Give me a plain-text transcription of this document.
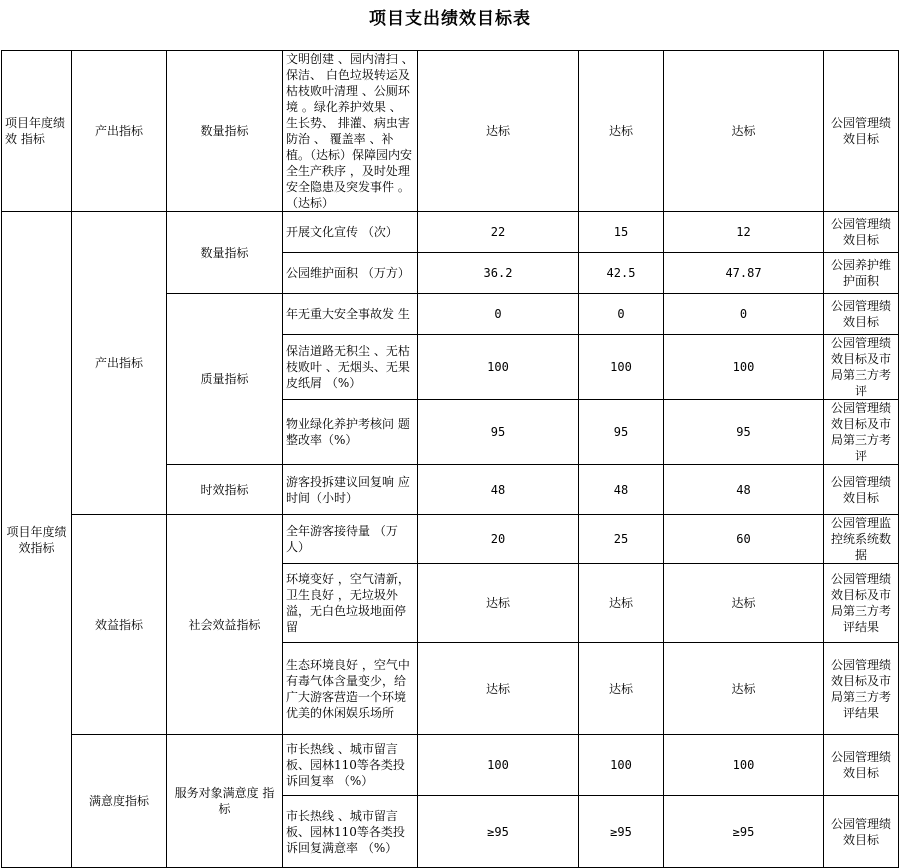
项目支出绩效目标表
项目年度绩效 指标	产出指标	数量指标	文明创建 、园内清扫 、保洁、 白色垃圾转运及枯枝败叶清理 、公厕环境 。绿化养护效果 、 生长势、 排灌、病虫害防治 、 覆盖率 、补植。（达标）保障园内安全生产秩序 ，及时处理安全隐患及突发事件 。（达标）	达标	达标	达标	公园管理绩效目标
项目年度绩效指标	产出指标	数量指标	开展文化宣传 （次）	22	15	12	公园管理绩效目标
			公园维护面积 （万方）	36.2	42.5	47.87	公园养护维护面积
		质量指标	年无重大安全事故发 生	0	0	0	公园管理绩效目标
			保洁道路无积尘 、无枯枝败叶 、无烟头、无果皮纸屑 （%）	100	100	100	公园管理绩效目标及市局第三方考评
			物业绿化养护考核问 题整改率（%）	95	95	95	公园管理绩效目标及市局第三方考评
		时效指标	游客投拆建议回复响 应时间（小时）	48	48	48	公园管理绩效目标
	效益指标	社会效益指标	全年游客接待量 （万人）	20	25	60	公园管理监控统系统数据
			环境变好 ，空气清新，卫生良好 ，无垃圾外溢，无白色垃圾地面停留	达标	达标	达标	公园管理绩效目标及市局第三方考评结果
			生态环境良好 ，空气中有毒气体含量变少，给广大游客营造一个环境优美的休闲娱乐场所	达标	达标	达标	公园管理绩效目标及市局第三方考评结果
	满意度指标	服务对象满意度 指 标	市长热线 、城市留言板、园林110等各类投诉回复率 （%）	100	100	100	公园管理绩效目标
			市长热线 、城市留言板、园林110等各类投诉回复满意率 （%）	≥95	≥95	≥95	公园管理绩效目标
